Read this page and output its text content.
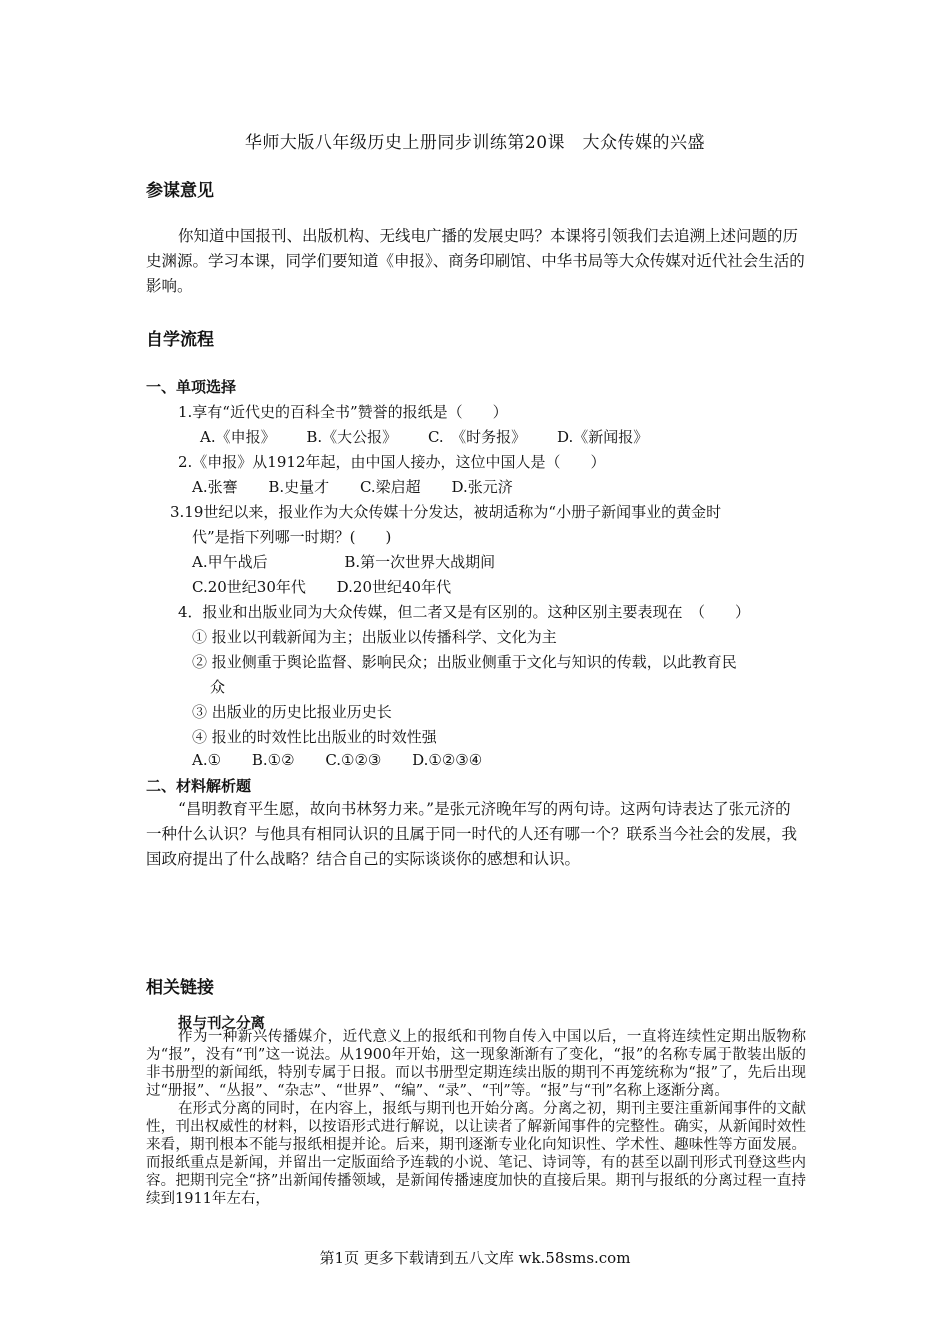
华师大版八年级历史上册同步训练第20课　大众传媒的兴盛
参谋意见

你知道中国报刊、出版机构、无线电广播的发展史吗？本课将引领我们去追溯上述问题的历史渊源。学习本课，同学们要知道《申报》、商务印刷馆、中华书局等大众传媒对近代社会生活的影响。

自学流程
一、单项选择
1.享有“近代史的百科全书”赞誉的报纸是（　　）
A.《申报》 B.《大公报》 C.　《时务报》 D.《新闻报》
2.《申报》从1912年起，由中国人接办，这位中国人是（　　）
A.张謇 B.史量才 C.梁启超 D.张元济
3.19世纪以来，报业作为大众传媒十分发达，被胡适称为“小册子新闻事业的黄金时
代”是指下列哪一时期？(　　)
A.甲午战后	B.第一次世界大战期间
C.20世纪30年代 D.20世纪40年代
4．报业和出版业同为大众传媒，但二者又是有区别的。这种区别主要表现在　（　　）
① 报业以刊载新闻为主；出版业以传播科学、文化为主
② 报业侧重于舆论监督、影响民众；出版业侧重于文化与知识的传载，以此教育民
众
③ 出版业的历史比报业历史长
④ 报业的时效性比出版业的时效性强
A.① B.①② C.①②③ D.①②③④
二、材料解析题

“昌明教育平生愿，故向书林努力来。”是张元济晚年写的两句诗。这两句诗表达了张元济的一种什么认识？与他具有相同认识的且属于同一时代的人还有哪一个？联系当今社会的发展，我国政府提出了什么战略？结合自己的实际谈谈你的感想和认识。

相关链接
报与刊之分离

作为一种新兴传播媒介，近代意义上的报纸和刊物自传入中国以后，一直将连续性定期出版物称为“报”，没有“刊”这一说法。从1900年开始，这一现象渐渐有了变化，“报”的名称专属于散装出版的非书册型的新闻纸，特别专属于日报。而以书册型定期连续出版的期刊不再笼统称为“报”了，先后出现过“册报”、“丛报”、“杂志”、“世界”、“编”、“录”、“刊”等。“报”与“刊”名称上逐渐分离。

在形式分离的同时，在内容上，报纸与期刊也开始分离。分离之初，期刊主要注重新闻事件的文献性，刊出权威性的材料，以按语形式进行解说，以让读者了解新闻事件的完整性。确实，从新闻时效性来看，期刊根本不能与报纸相提并论。后来，期刊逐渐专业化向知识性、学术性、趣味性等方面发展。而报纸重点是新闻，并留出一定版面给予连载的小说、笔记、诗词等，有的甚至以副刊形式刊登这些内容。把期刊完全“挤”出新闻传播领域，是新闻传播速度加快的直接后果。期刊与报纸的分离过程一直持续到1911年左右，

第1页 更多下载请到五八文库 wk.58sms.com
